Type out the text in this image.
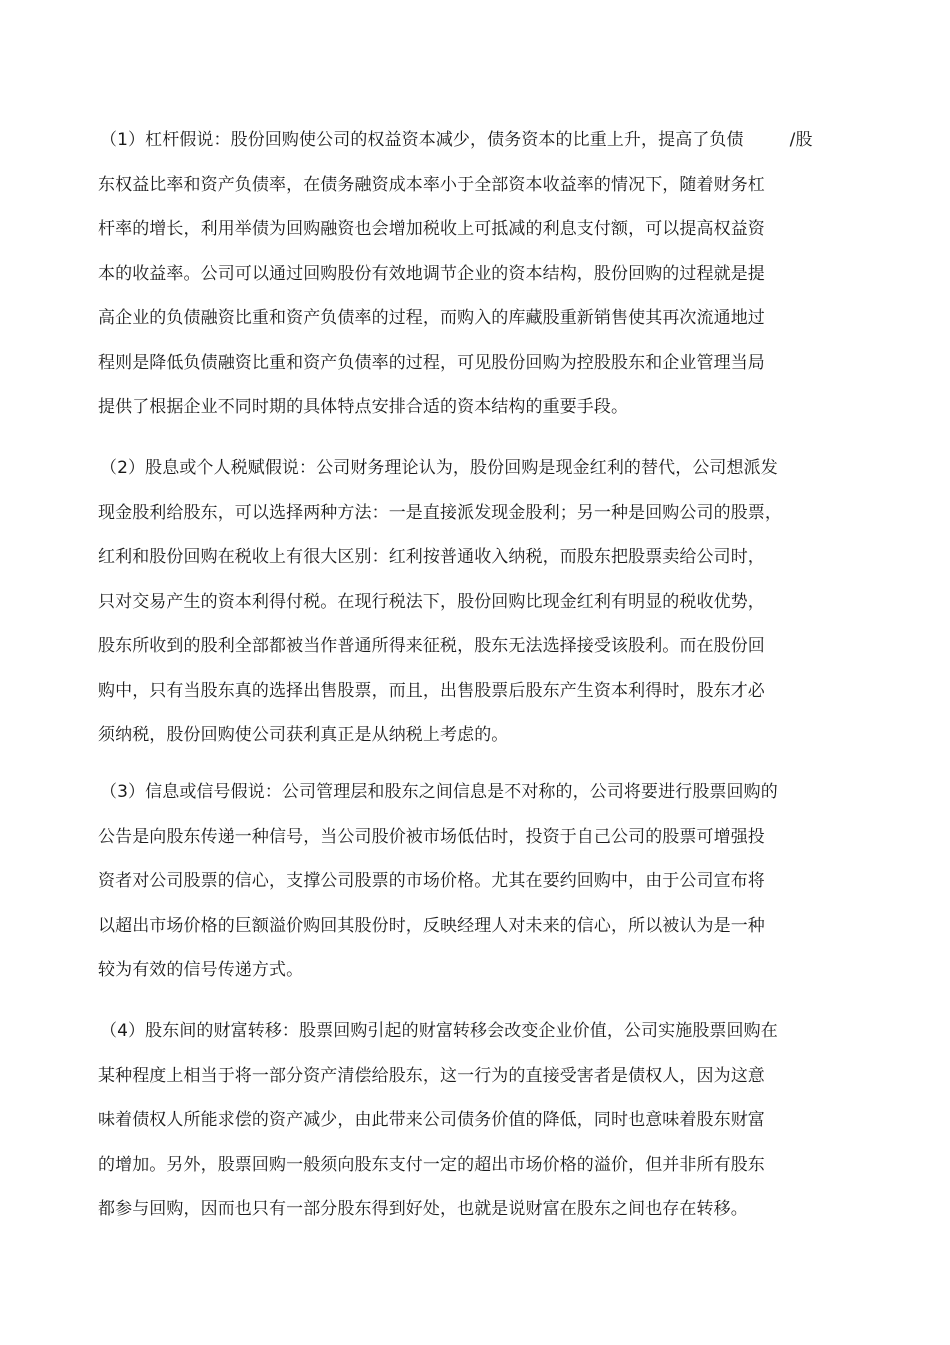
（1）杠杆假说：股份回购使公司的权益资本减少，债务资本的比重上升，提高了负债	/股
东权益比率和资产负债率，在债务融资成本率小于全部资本收益率的情况下，随着财务杠
杆率的增长，利用举债为回购融资也会增加税收上可抵减的利息支付额，可以提高权益资
本的收益率。公司可以通过回购股份有效地调节企业的资本结构，股份回购的过程就是提
高企业的负债融资比重和资产负债率的过程，而购入的库藏股重新销售使其再次流通地过
程则是降低负债融资比重和资产负债率的过程，可见股份回购为控股股东和企业管理当局
提供了根据企业不同时期的具体特点安排合适的资本结构的重要手段。
（2）股息或个人税赋假说：公司财务理论认为，股份回购是现金红利的替代，公司想派发
现金股利给股东，可以选择两种方法：一是直接派发现金股利；另一种是回购公司的股票，
红利和股份回购在税收上有很大区别：红利按普通收入纳税，而股东把股票卖给公司时，
只对交易产生的资本利得付税。在现行税法下，股份回购比现金红利有明显的税收优势，
股东所收到的股利全部都被当作普通所得来征税，股东无法选择接受该股利。而在股份回
购中，只有当股东真的选择出售股票，而且，出售股票后股东产生资本利得时，股东才必
须纳税，股份回购使公司获利真正是从纳税上考虑的。
（3）信息或信号假说：公司管理层和股东之间信息是不对称的，公司将要进行股票回购的
公告是向股东传递一种信号，当公司股价被市场低估时，投资于自己公司的股票可增强投
资者对公司股票的信心，支撑公司股票的市场价格。尤其在要约回购中，由于公司宣布将
以超出市场价格的巨额溢价购回其股份时，反映经理人对未来的信心，所以被认为是一种
较为有效的信号传递方式。
（4）股东间的财富转移：股票回购引起的财富转移会改变企业价值，公司实施股票回购在
某种程度上相当于将一部分资产清偿给股东，这一行为的直接受害者是债权人，因为这意
味着债权人所能求偿的资产减少，由此带来公司债务价值的降低，同时也意味着股东财富
的增加。另外，股票回购一般须向股东支付一定的超出市场价格的溢价，但并非所有股东
都参与回购，因而也只有一部分股东得到好处，也就是说财富在股东之间也存在转移。
